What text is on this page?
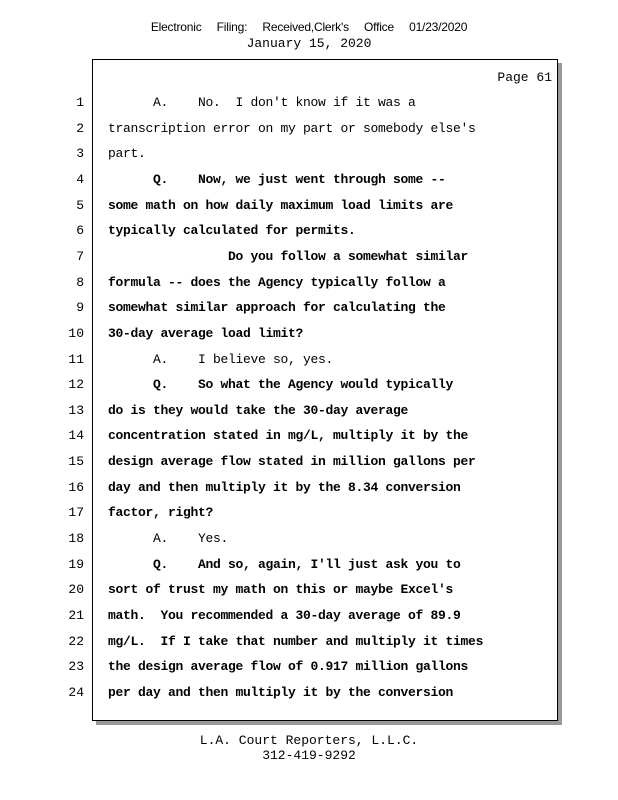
Electronic Filing: Received,Clerk's Office 01/23/2020
January 15, 2020
Page 61
1 A.    No.  I don't know if it was a
2 transcription error on my part or somebody else's
3 part.
4 Q.    Now, we just went through some --
5 some math on how daily maximum load limits are
6 typically calculated for permits.
7 Do you follow a somewhat similar
8 formula -- does the Agency typically follow a
9 somewhat similar approach for calculating the
10 30-day average load limit?
11 A.    I believe so, yes.
12 Q.    So what the Agency would typically
13 do is they would take the 30-day average
14 concentration stated in mg/L, multiply it by the
15 design average flow stated in million gallons per
16 day and then multiply it by the 8.34 conversion
17 factor, right?
18 A.    Yes.
19 Q.    And so, again, I'll just ask you to
20 sort of trust my math on this or maybe Excel's
21 math.  You recommended a 30-day average of 89.9
22 mg/L.  If I take that number and multiply it times
23 the design average flow of 0.917 million gallons
24 per day and then multiply it by the conversion
L.A. Court Reporters, L.L.C.
312-419-9292
